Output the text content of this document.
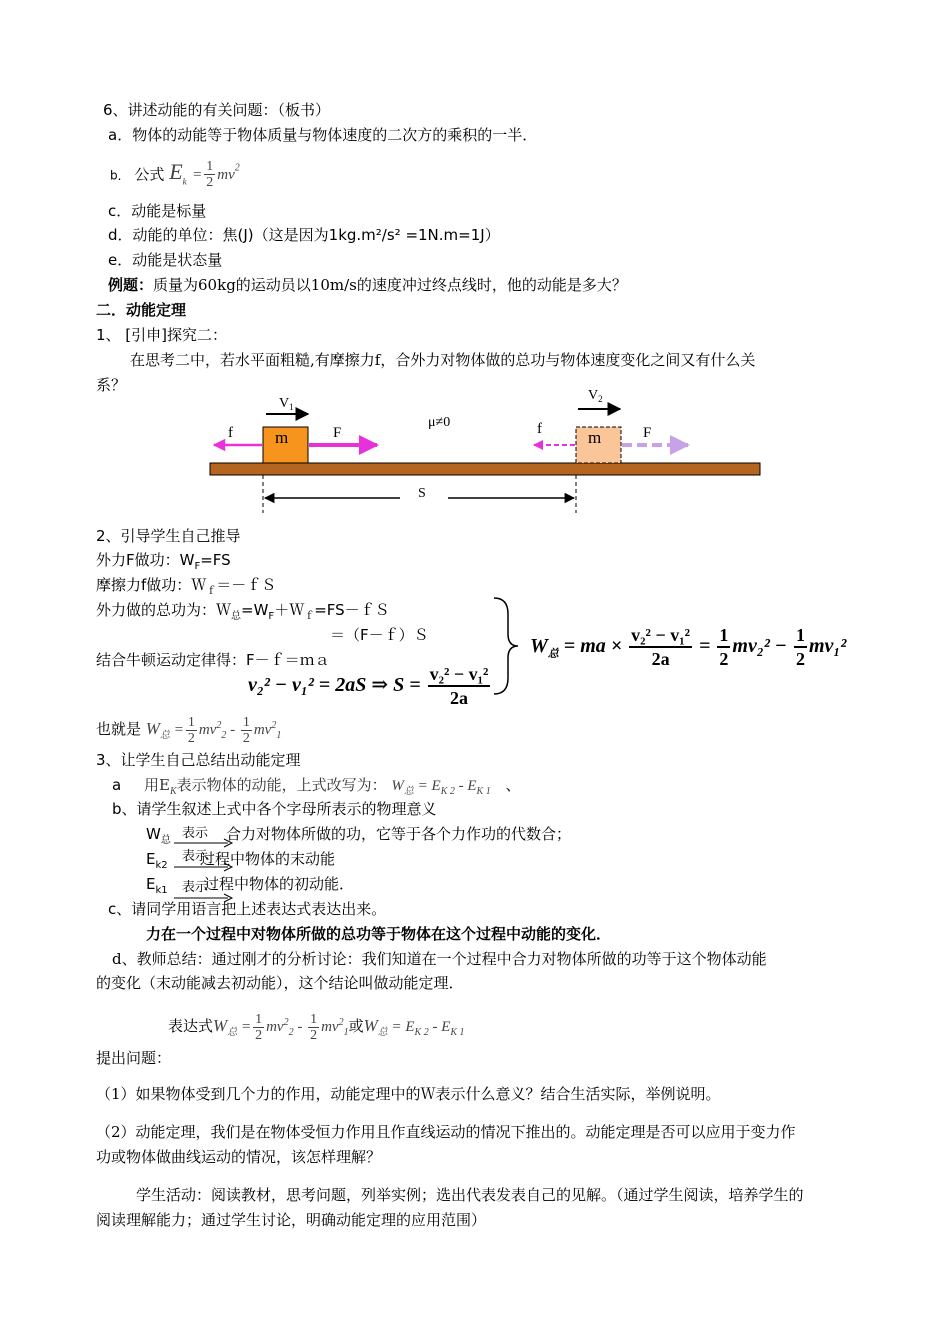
6、讲述动能的有关问题：（板书）
a．物体的动能等于物体质量与物体速度的二次方的乘积的一半．
b． 公式 $E_k = \frac{1}{2} mv^2$
c．动能是标量
d．动能的单位：焦(J)（这是因为1kg.m²/s² =1N.m=1J）
e．动能是状态量
例题：质量为60kg的运动员以10m/s的速度冲过终点线时，他的动能是多大？
二．动能定理
1、 [引申]探究二：
在思考二中，若水平面粗糙,有摩擦力f，合外力对物体做的总功与物体速度变化之间又有什么关
系？
m	m
$V_1$
$V_2$
μ≠0
f	F	f	F
S
2、引导学生自己推导
外力F做功：$W_F=FS$
摩擦力f做功：Ｗ$_f$＝－ｆＳ
外力做的总功为：$W_总=W_F+W_f=FS-fS$
＝（F－ｆ）Ｓ
结合牛顿运动定律得：F－ｆ＝ｍａ
v₂² − v₁² = 2aS ⇒ $S = \frac{\text{v₂² − v₁²}}{2a}$
$W_总$ = ma × $\frac{\text{v₂² − v₁²}}{2a} = \frac{1}{2} mv_2^2 - \frac{1}{2} mv_1^2$
也就是 $W_总 = \frac{1}{2} mv^2_2 - \frac{1}{2} mv^2_1$
3、让学生自己总结出动能定理
a 用$E_K$表示物体的动能，上式改写为： $W_总 = E_{K 2} - E_{K 1}$ 、
b、请学生叙述上式中各个字母所表示的物理意义
$W_总$ 表示 合力对物体所做的功，它等于各个力作功的代数合；
$E_{k2}$
表示
过程中物体的末动能
$E_{k1}$ 表示
过程中物体的初动能．
c、请同学用语言把上述表达式表达出来。
力在一个过程中对物体所做的总功等于物体在这个过程中动能的变化．
d、教师总结：通过刚才的分析讨论：我们知道在一个过程中合力对物体所做的功等于这个物体动能
的变化（末动能减去初动能），这个结论叫做动能定理．
表达式$W_总 = \frac{1}{2} mv^2_2 - \frac{1}{2} mv^2_1$或$W_总 = E_{K 2} - E_{K 1}$
提出问题：
（1）如果物体受到几个力的作用，动能定理中的Ｗ表示什么意义？结合生活实际，举例说明。
（2）动能定理，我们是在物体受恒力作用且作直线运动的情况下推出的。动能定理是否可以应用于变力作
功或物体做曲线运动的情况，该怎样理解？
学生活动：阅读教材，思考问题，列举实例；选出代表发表自己的见解。（通过学生阅读，培养学生的
阅读理解能力；通过学生讨论，明确动能定理的应用范围）
